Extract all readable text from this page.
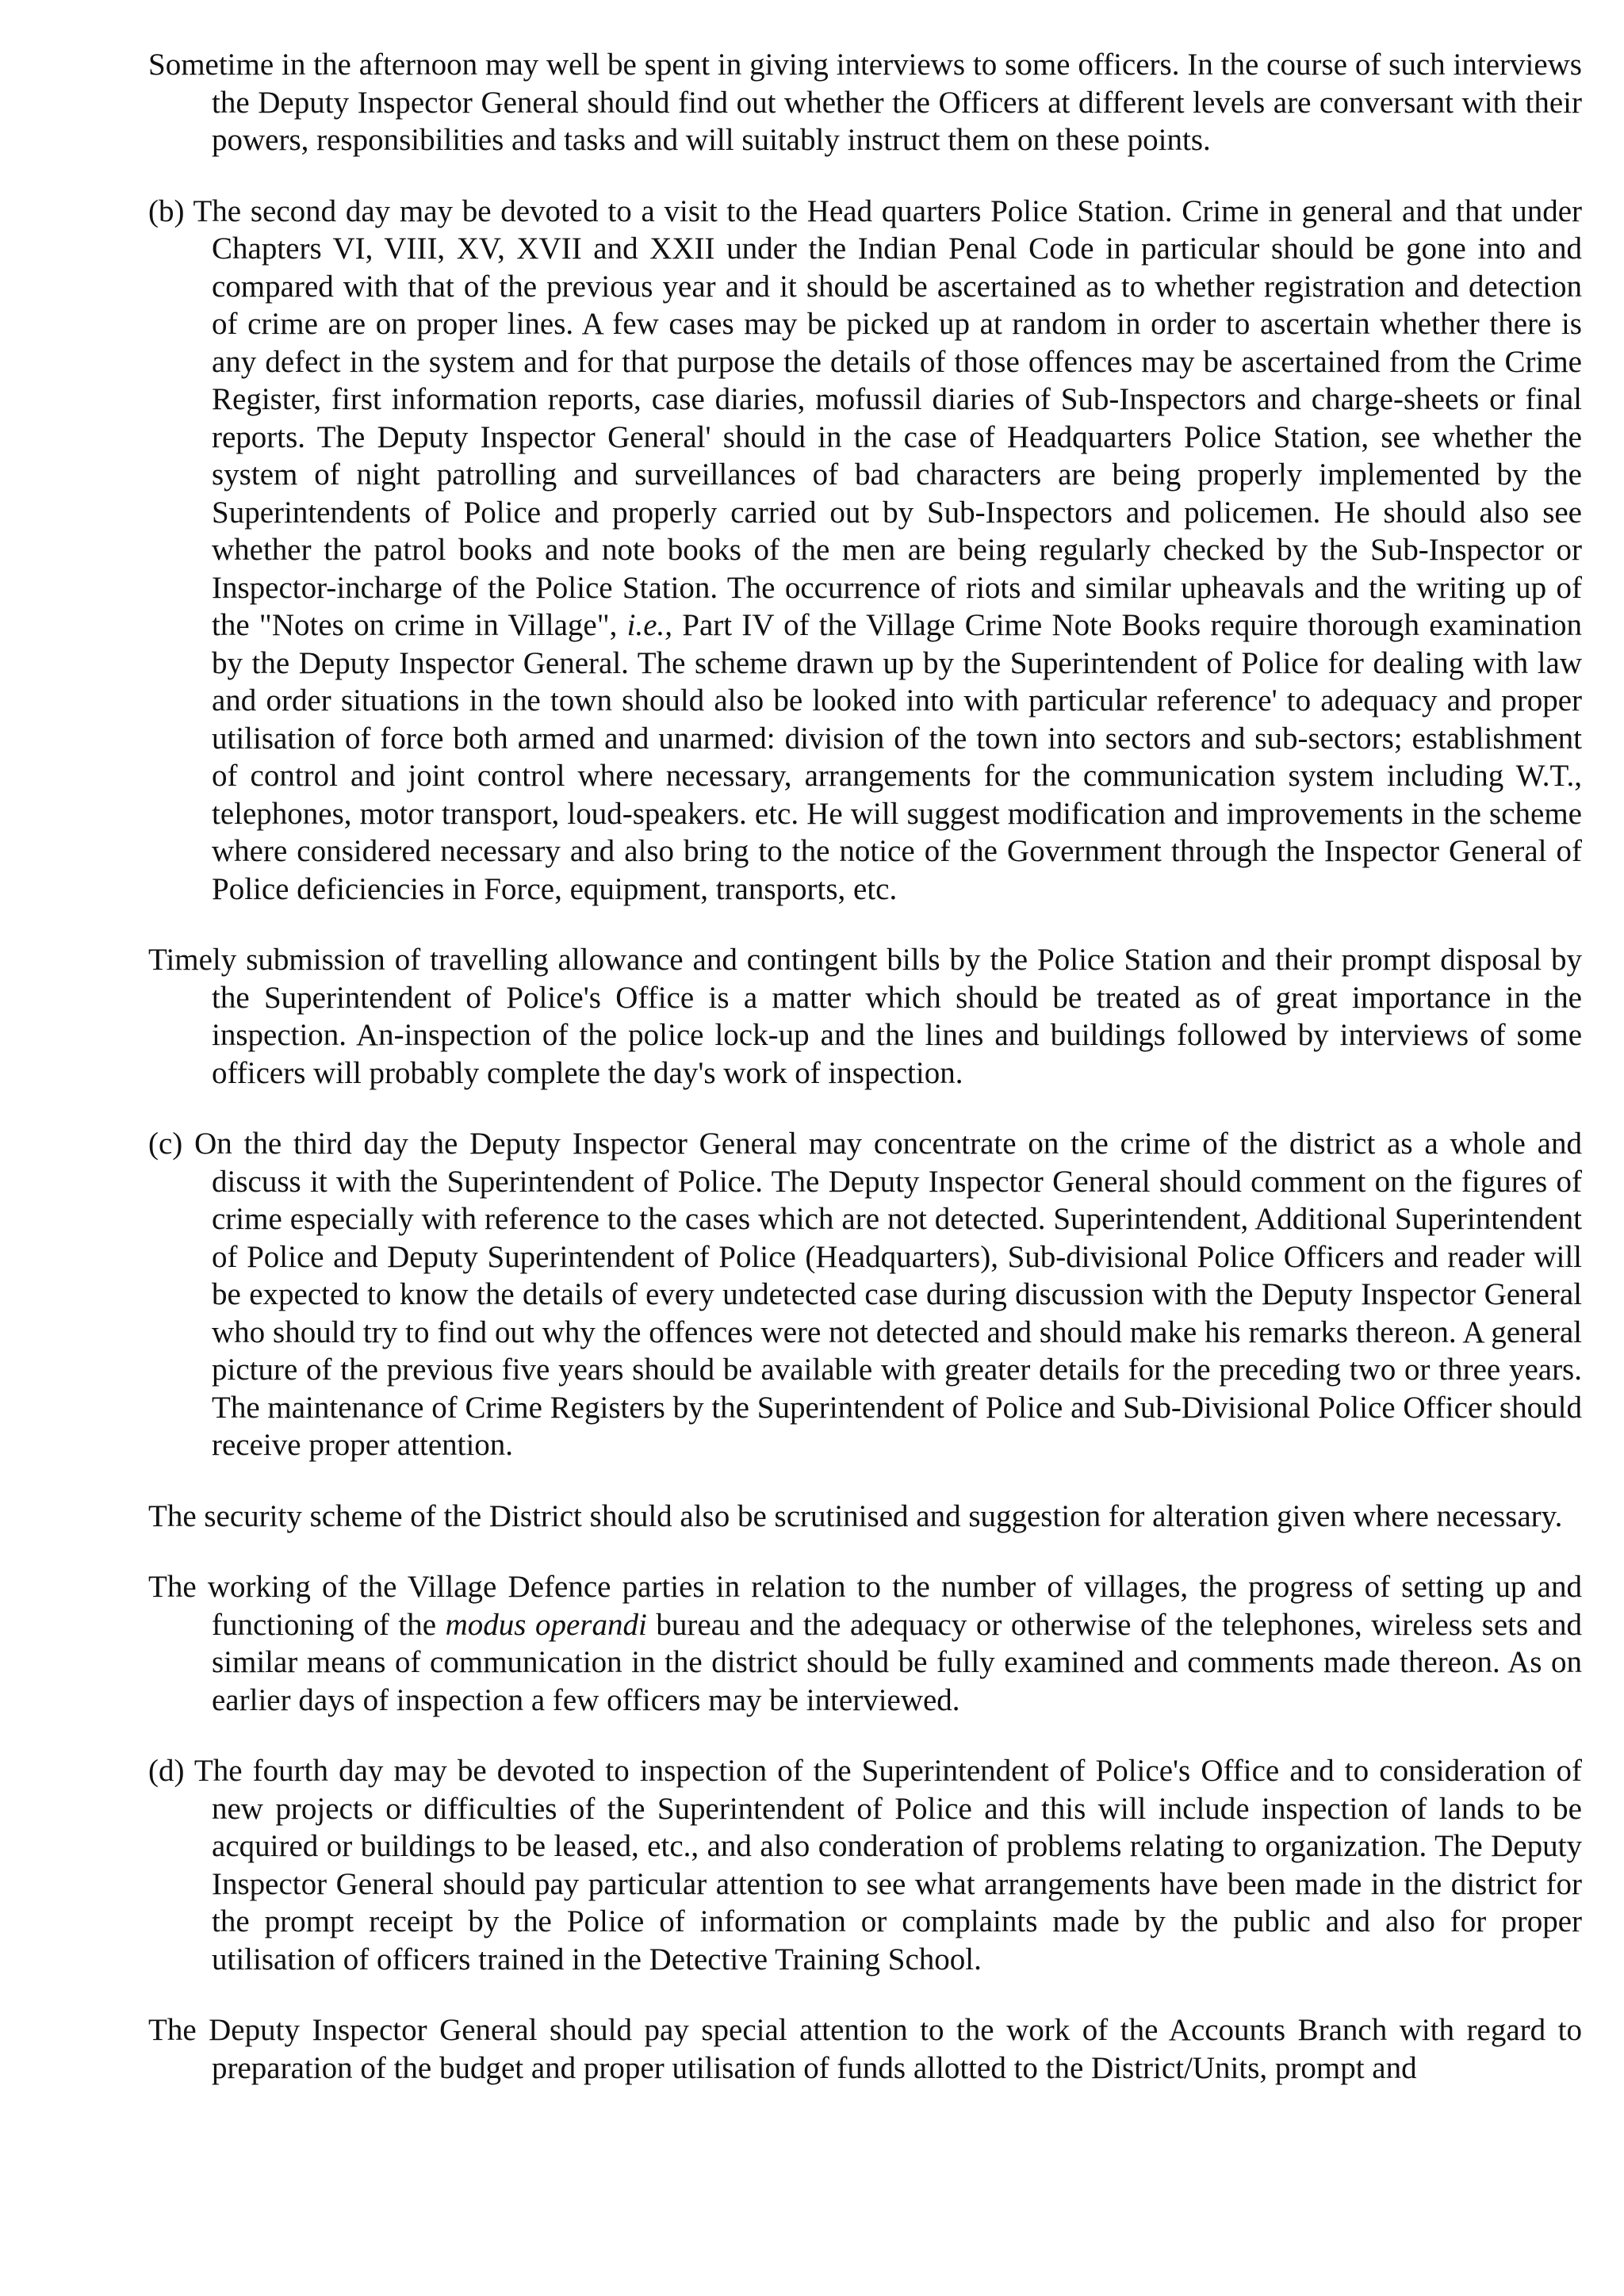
Sometime in the afternoon may well be spent in giving interviews to some officers. In the course of such interviews the Deputy Inspector General should find out whether the Officers at different levels are conversant with their powers, responsibilities and tasks and will suitably instruct them on these points.

(b) The second day may be devoted to a visit to the Head quarters Police Station. Crime in general and that under Chapters VI, VIII, XV, XVII and XXII under the Indian Penal Code in particular should be gone into and compared with that of the previous year and it should be ascertained as to whether registration and detection of crime are on proper lines. A few cases may be picked up at random in order to ascertain whether there is any defect in the system and for that purpose the details of those offences may be ascertained from the Crime Register, first information reports, case diaries, mofussil diaries of Sub-Inspectors and charge-sheets or final reports. The Deputy Inspector General' should in the case of Headquarters Police Station, see whether the system of night patrolling and surveillances of bad characters are being properly implemented by the Superintendents of Police and properly carried out by Sub-Inspectors and policemen. He should also see whether the patrol books and note books of the men are being regularly checked by the Sub-Inspector or Inspector-incharge of the Police Station. The occurrence of riots and similar upheavals and the writing up of the "Notes on crime in Village", i.e., Part IV of the Village Crime Note Books require thorough examination by the Deputy Inspector General. The scheme drawn up by the Superintendent of Police for dealing with law and order situations in the town should also be looked into with particular reference' to adequacy and proper utilisation of force both armed and unarmed: division of the town into sectors and sub-sectors; establishment of control and joint control where necessary, arrangements for the communication system including W.T., telephones, motor transport, loud-speakers. etc. He will suggest modification and improvements in the scheme where considered necessary and also bring to the notice of the Government through the Inspector General of Police deficiencies in Force, equipment, transports, etc.

Timely submission of travelling allowance and contingent bills by the Police Station and their prompt disposal by the Superintendent of Police's Office is a matter which should be treated as of great importance in the inspection. An-inspection of the police lock-up and the lines and buildings followed by interviews of some officers will probably complete the day's work of inspection.

(c) On the third day the Deputy Inspector General may concentrate on the crime of the district as a whole and discuss it with the Superintendent of Police. The Deputy Inspector General should comment on the figures of crime especially with reference to the cases which are not detected. Superintendent, Additional Superintendent of Police and Deputy Superintendent of Police (Headquarters), Sub-divisional Police Officers and reader will be expected to know the details of every undetected case during discussion with the Deputy Inspector General who should try to find out why the offences were not detected and should make his remarks thereon. A general picture of the previous five years should be available with greater details for the preceding two or three years. The maintenance of Crime Registers by the Superintendent of Police and Sub-Divisional Police Officer should receive proper attention.

The security scheme of the District should also be scrutinised and suggestion for alteration given where necessary.

The working of the Village Defence parties in relation to the number of villages, the progress of setting up and functioning of the modus operandi bureau and the adequacy or otherwise of the telephones, wireless sets and similar means of communication in the district should be fully examined and comments made thereon. As on earlier days of inspection a few officers may be interviewed.

(d) The fourth day may be devoted to inspection of the Superintendent of Police's Office and to consideration of new projects or difficulties of the Superintendent of Police and this will include inspection of lands to be acquired or buildings to be leased, etc., and also conderation of problems relating to organization. The Deputy Inspector General should pay particular attention to see what arrangements have been made in the district for the prompt receipt by the Police of information or complaints made by the public and also for proper utilisation of officers trained in the Detective Training School.

The Deputy Inspector General should pay special attention to the work of the Accounts Branch with regard to preparation of the budget and proper utilisation of funds allotted to the District/Units, prompt and
